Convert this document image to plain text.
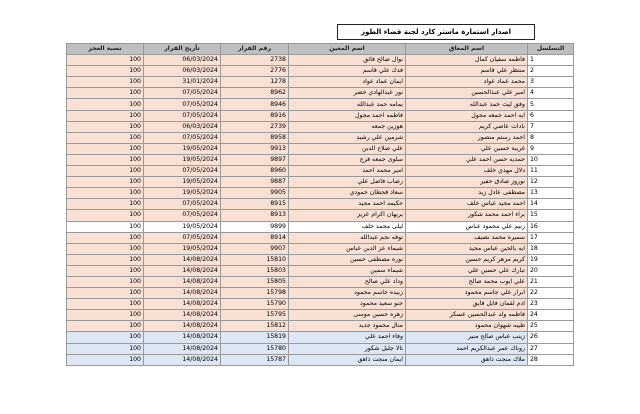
اصدار استمارة ماستر كارد لجنة قضاء الطوز
التسلسل	اسم المعاق	اسم المعين	رقم القرار	تأريخ القرار	نسبة العجز
1	فاطمه سفيان كمال	نوال صالح فائق	2738	06/03/2024	100
2	منتظر علي قاسم	فدك علي قاسم	2776	06/03/2024	100
3	محمد عماد عواد	ايمان عماد عواد	1278	31/01/2024	100
4	امير علي عبدالحسين	نور عبدالهادي خضر	8962	07/05/2024	100
5	وفق ليث حمد عبدالله	يمامه حمد عبدالله	8946	07/05/2024	100
6	ايه احمد جمعه مجول	فاطمه احمد مجول	8916	07/05/2024	100
7	نادات عاصي كريم	هوزين جمعه	2739	06/03/2024	100
8	احمد رستم منصور	شرمين علي رشيد	8958	07/05/2024	100
9	غريبة حسين علي	علي صلاح الدين	9913	19/05/2024	100
10	حمديه حسن احمد علي	سلوى جمعه فرج	9897	19/05/2024	100
11	دلال مهدي خلف	امير مجمد احمد	8960	07/05/2024	100
12	نوروز صادق حفير	رضاب فاضل علي	9887	19/05/2024	100
13	مصطفى عادل زيد	سعاد قحطان حمودي	9905	19/05/2024	100
14	احمد مجيد عباس خلف	حكيمه احمد مجيد	8915	07/05/2024	100
15	براء احمد محمد شكور	بريهان اكرام عزيز	8913	07/05/2024	100
16	رنيم علي محمود عباس	ليلى محمد خلف	9899	19/05/2024	100
17	سميره محمد نصيف	نوفه نجم عبدالله	8914	07/05/2024	100
18	ايه يالجين عباس مجيد	شيماء عز الدين عباس	9907	19/05/2024	100
19	كريم مزهر كريم حسين	نوره مصطفى حسين	15810	14/08/2024	100
20	تبارك علي حسين علي	شيماء سمين	15803	14/08/2024	100
21	علي ايوب محمد صالح	وداد علي صالح	15805	14/08/2024	100
22	ابرار علي جاسم محمود	زبيده جاسم محمود	15798	14/08/2024	100
23	ادم لقمان فايل فايق	جنو سعيد محمود	15790	14/08/2024	100
24	فاطمه ولد عبدالحسين عسكر	زهره حسين موسى	15795	14/08/2024	100
25	طيبه شهوان محمود	منال محمود جديد	15812	14/08/2024	100
26	زينب عباس صالح منير	وفاء احمد علي	15819	14/08/2024	100
27	روناك عمر عبدالكريم احمد	تالا جليل شكور	15780	14/08/2024	100
28	ملاك منجت ذاهق	ايمان منجت ذاهق	15787	14/08/2024	100
